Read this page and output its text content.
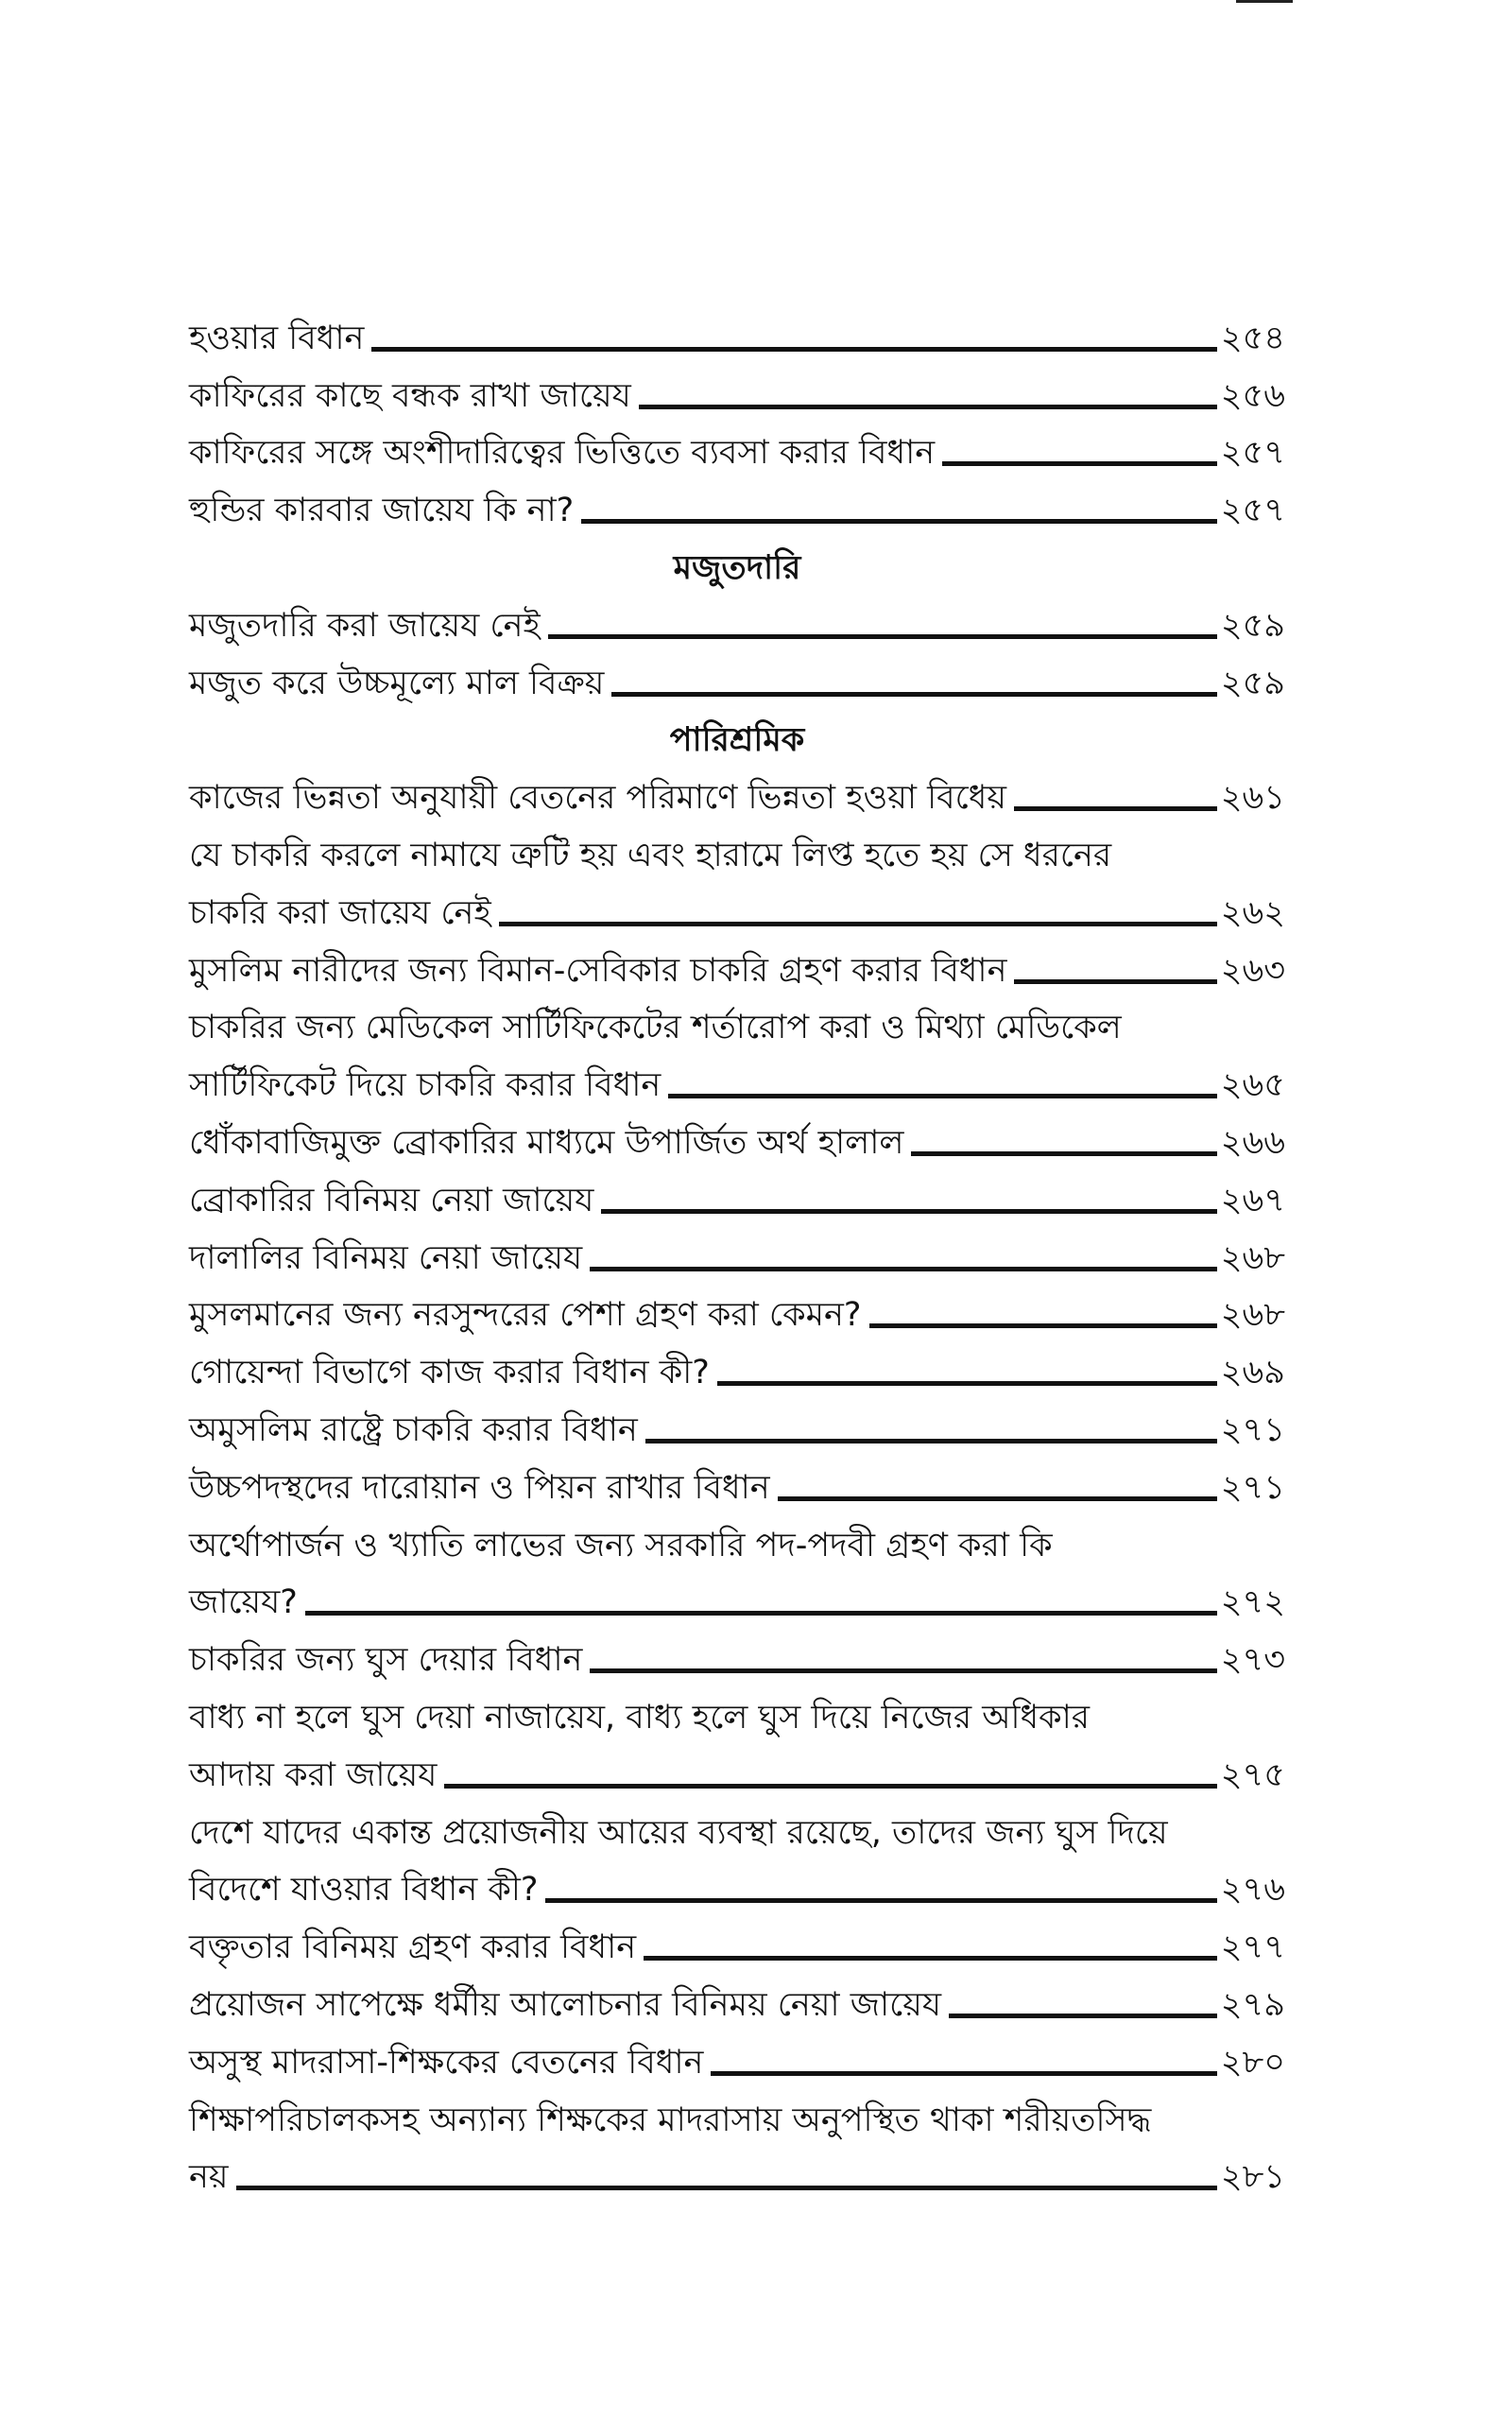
হওয়ার বিধান	২৫৪
কাফিরের কাছে বন্ধক রাখা জায়েয	২৫৬
কাফিরের সঙ্গে অংশীদারিত্বের ভিত্তিতে ব্যবসা করার বিধান	২৫৭
হুন্ডির কারবার জায়েয কি না?	২৫৭
মজুতদারি
মজুতদারি করা জায়েয নেই	২৫৯
মজুত করে উচ্চমূল্যে মাল বিক্রয়	২৫৯
পারিশ্রমিক
কাজের ভিন্নতা অনুযায়ী বেতনের পরিমাণে ভিন্নতা হওয়া বিধেয়	২৬১
যে চাকরি করলে নামাযে ত্রুটি হয় এবং হারামে লিপ্ত হতে হয় সে ধরনের
চাকরি করা জায়েয নেই	২৬২
মুসলিম নারীদের জন্য বিমান-সেবিকার চাকরি গ্রহণ করার বিধান	২৬৩
চাকরির জন্য মেডিকেল সার্টিফিকেটের শর্তারোপ করা ও মিথ্যা মেডিকেল
সার্টিফিকেট দিয়ে চাকরি করার বিধান	২৬৫
ধোঁকাবাজিমুক্ত ব্রোকারির মাধ্যমে উপার্জিত অর্থ হালাল	২৬৬
ব্রোকারির বিনিময় নেয়া জায়েয	২৬৭
দালালির বিনিময় নেয়া জায়েয	২৬৮
মুসলমানের জন্য নরসুন্দরের পেশা গ্রহণ করা কেমন?	২৬৮
গোয়েন্দা বিভাগে কাজ করার বিধান কী?	২৬৯
অমুসলিম রাষ্ট্রে চাকরি করার বিধান	২৭১
উচ্চপদস্থদের দারোয়ান ও পিয়ন রাখার বিধান	২৭১
অর্থোপার্জন ও খ্যাতি লাভের জন্য সরকারি পদ-পদবী গ্রহণ করা কি
জায়েয?	২৭২
চাকরির জন্য ঘুস দেয়ার বিধান	২৭৩
বাধ্য না হলে ঘুস দেয়া নাজায়েয, বাধ্য হলে ঘুস দিয়ে নিজের অধিকার
আদায় করা জায়েয	২৭৫
দেশে যাদের একান্ত প্রয়োজনীয় আয়ের ব্যবস্থা রয়েছে, তাদের জন্য ঘুস দিয়ে
বিদেশে যাওয়ার বিধান কী?	২৭৬
বক্তৃতার বিনিময় গ্রহণ করার বিধান	২৭৭
প্রয়োজন সাপেক্ষে ধর্মীয় আলোচনার বিনিময় নেয়া জায়েয	২৭৯
অসুস্থ মাদরাসা-শিক্ষকের বেতনের বিধান	২৮০
শিক্ষাপরিচালকসহ অন্যান্য শিক্ষকের মাদরাসায় অনুপস্থিত থাকা শরীয়তসিদ্ধ
নয়	২৮১
